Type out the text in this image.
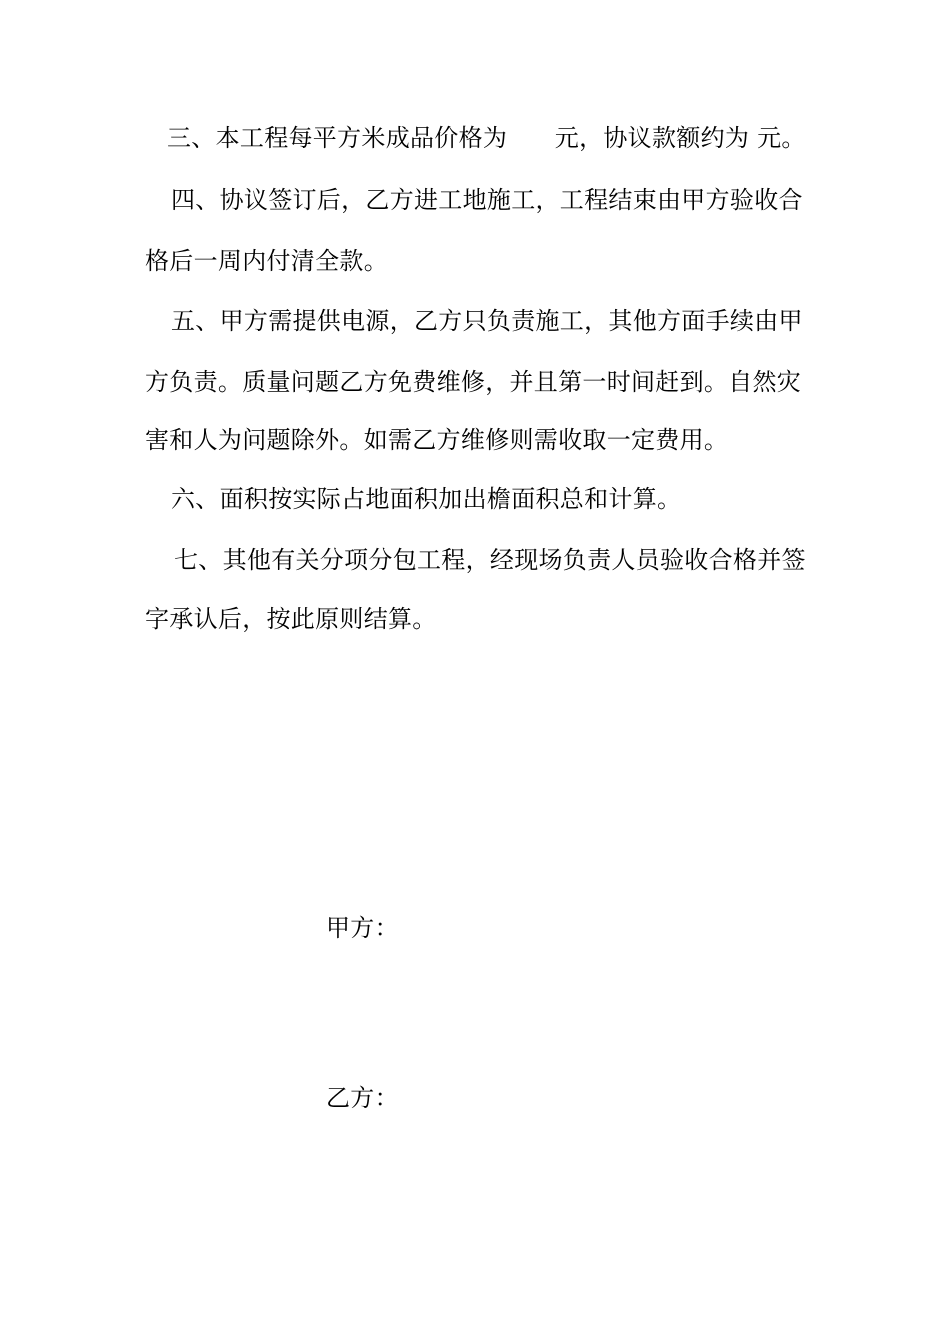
三、本工程每平方米成品价格为 元，协议款额约为 元。
四、协议签订后，乙方进工地施工，工程结束由甲方验收合
格后一周内付清全款。
五、甲方需提供电源，乙方只负责施工，其他方面手续由甲
方负责。质量问题乙方免费维修，并且第一时间赶到。自然灾
害和人为问题除外。如需乙方维修则需收取一定费用。
六、面积按实际占地面积加出檐面积总和计算。
七、其他有关分项分包工程，经现场负责人员验收合格并签
字承认后，按此原则结算。
甲方：
乙方：
